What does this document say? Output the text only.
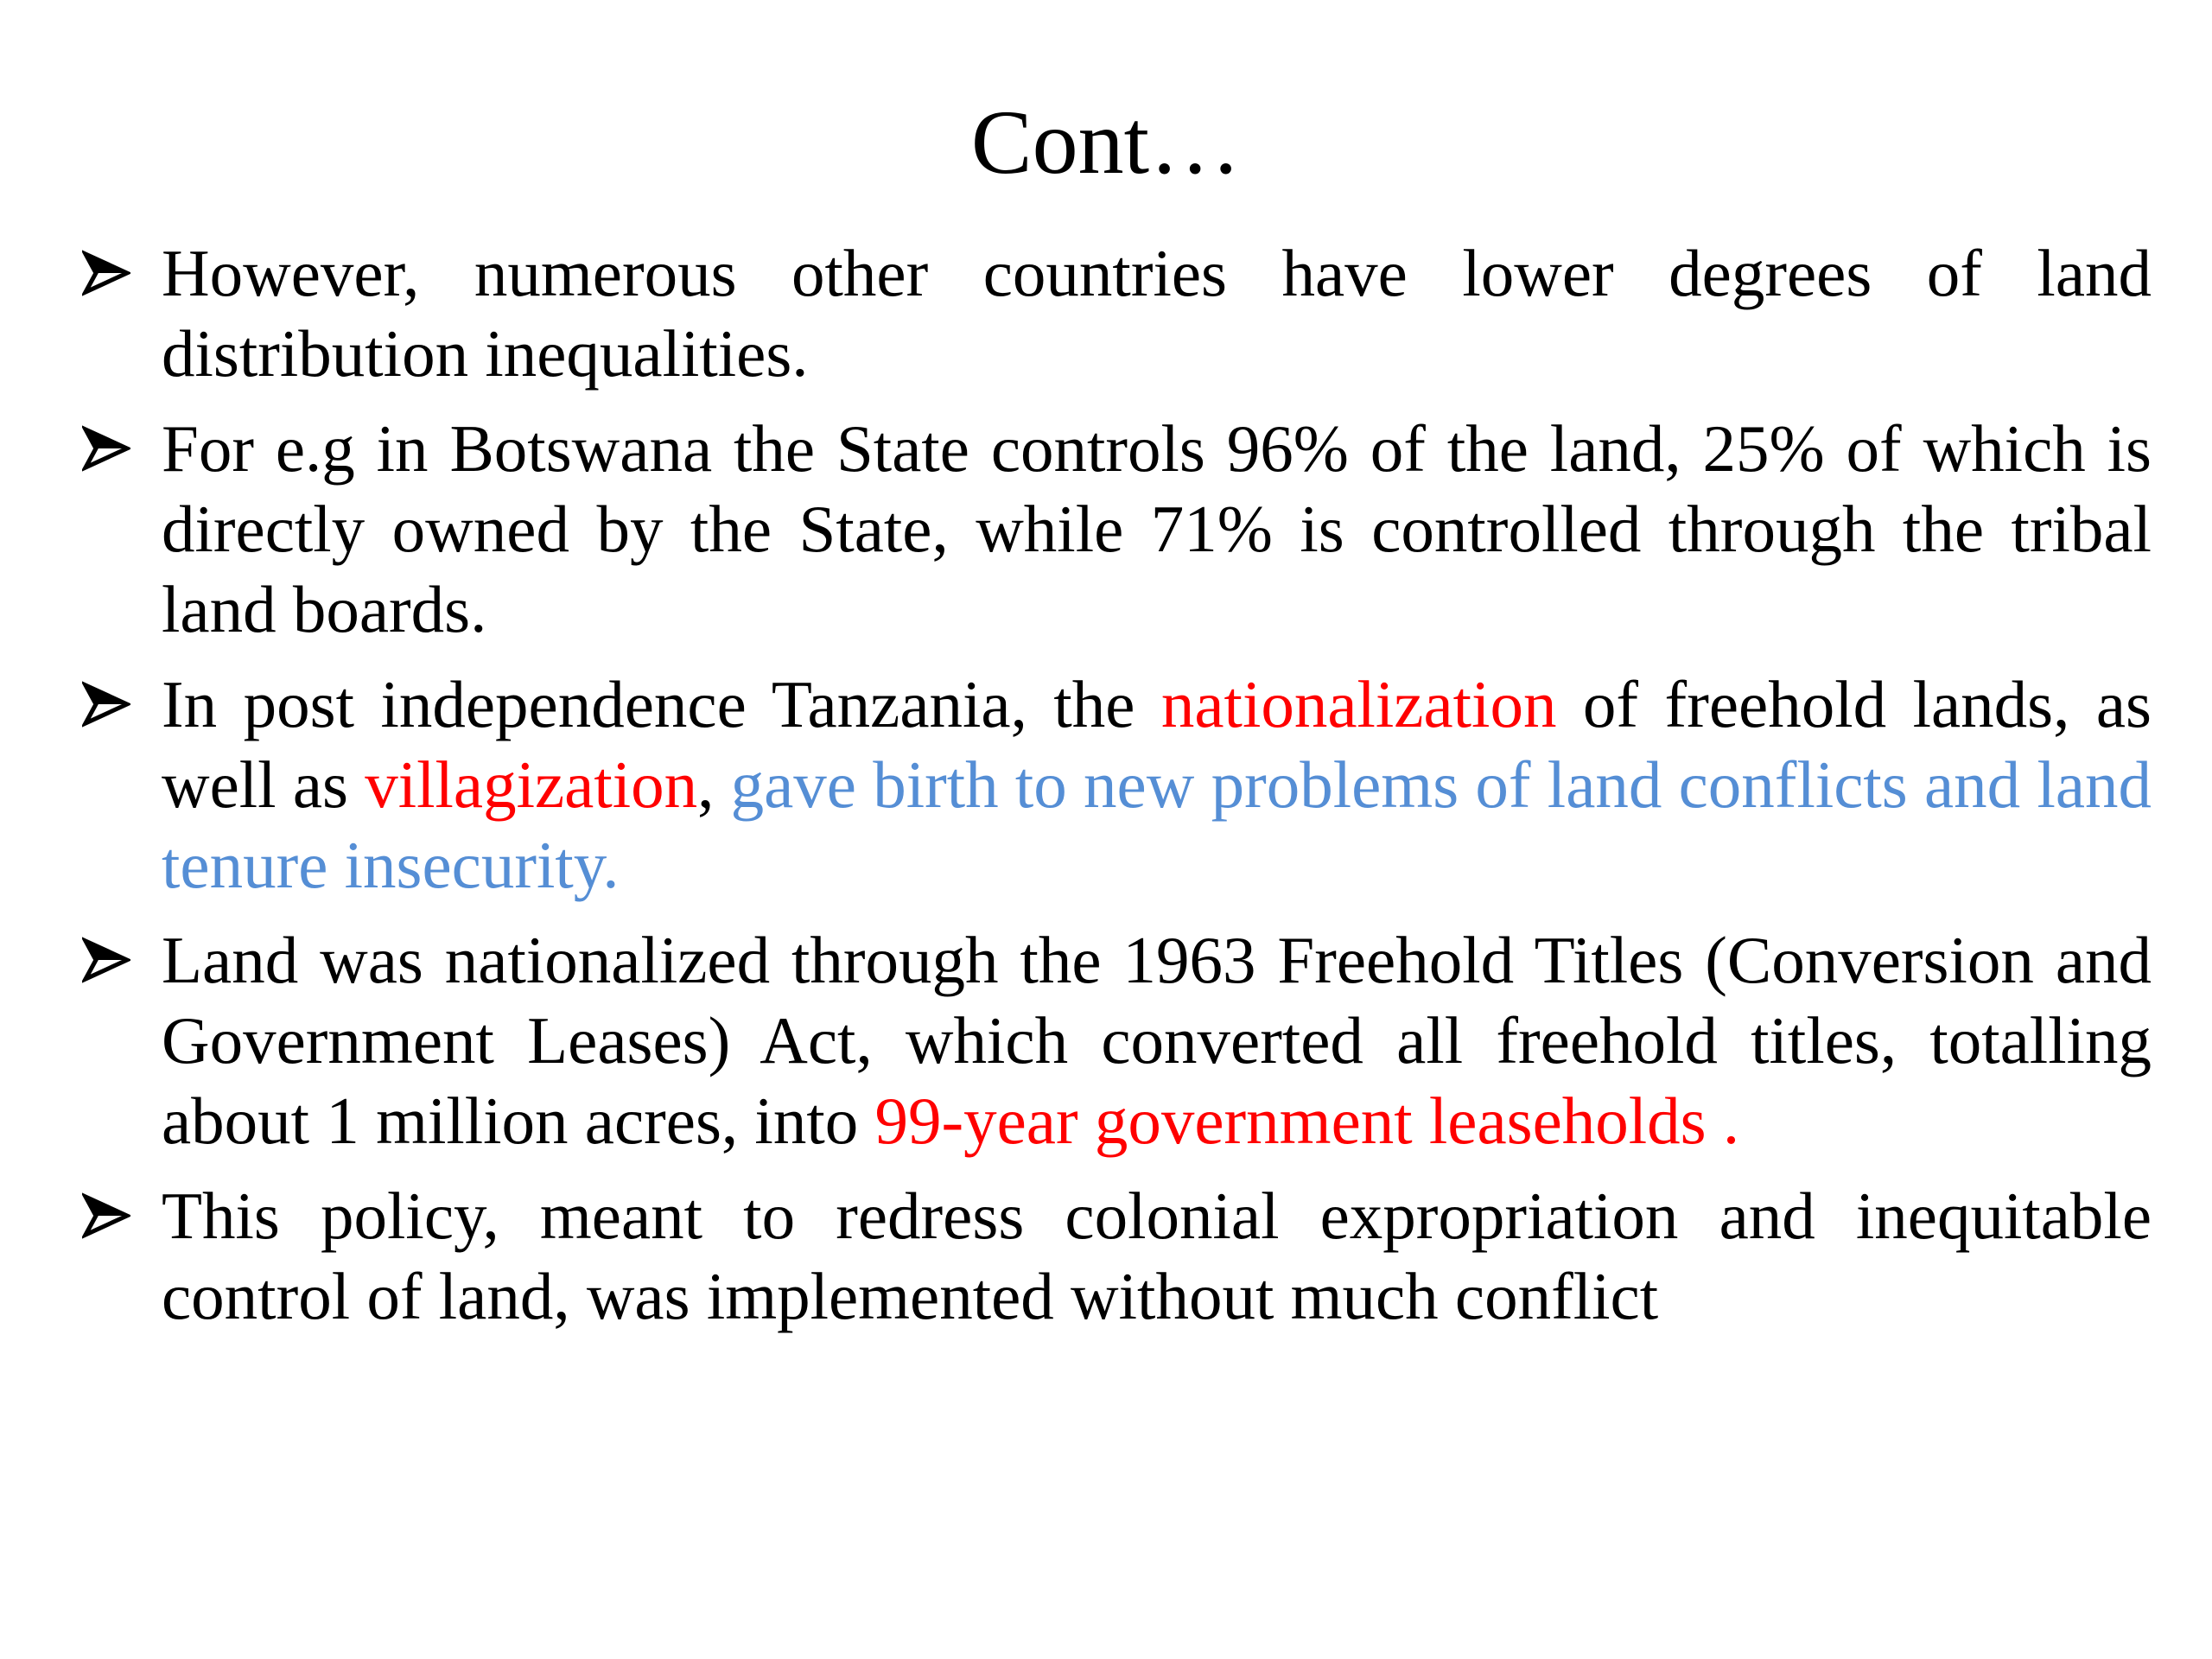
Cont…
However, numerous other countries have lower degrees of land distribution inequalities.
For e.g in Botswana the State controls 96% of the land, 25% of which is directly owned by the State, while 71% is controlled through the tribal land boards.
In post independence Tanzania, the nationalization of freehold lands, as well as villagization, gave birth to new problems of land conflicts and land tenure insecurity.
Land was nationalized through the 1963 Freehold Titles (Conversion and Government Leases) Act, which converted all freehold titles, totalling about 1 million acres, into 99-year government leaseholds .
This policy, meant to redress colonial expropriation and inequitable control of land, was implemented without much conflict
